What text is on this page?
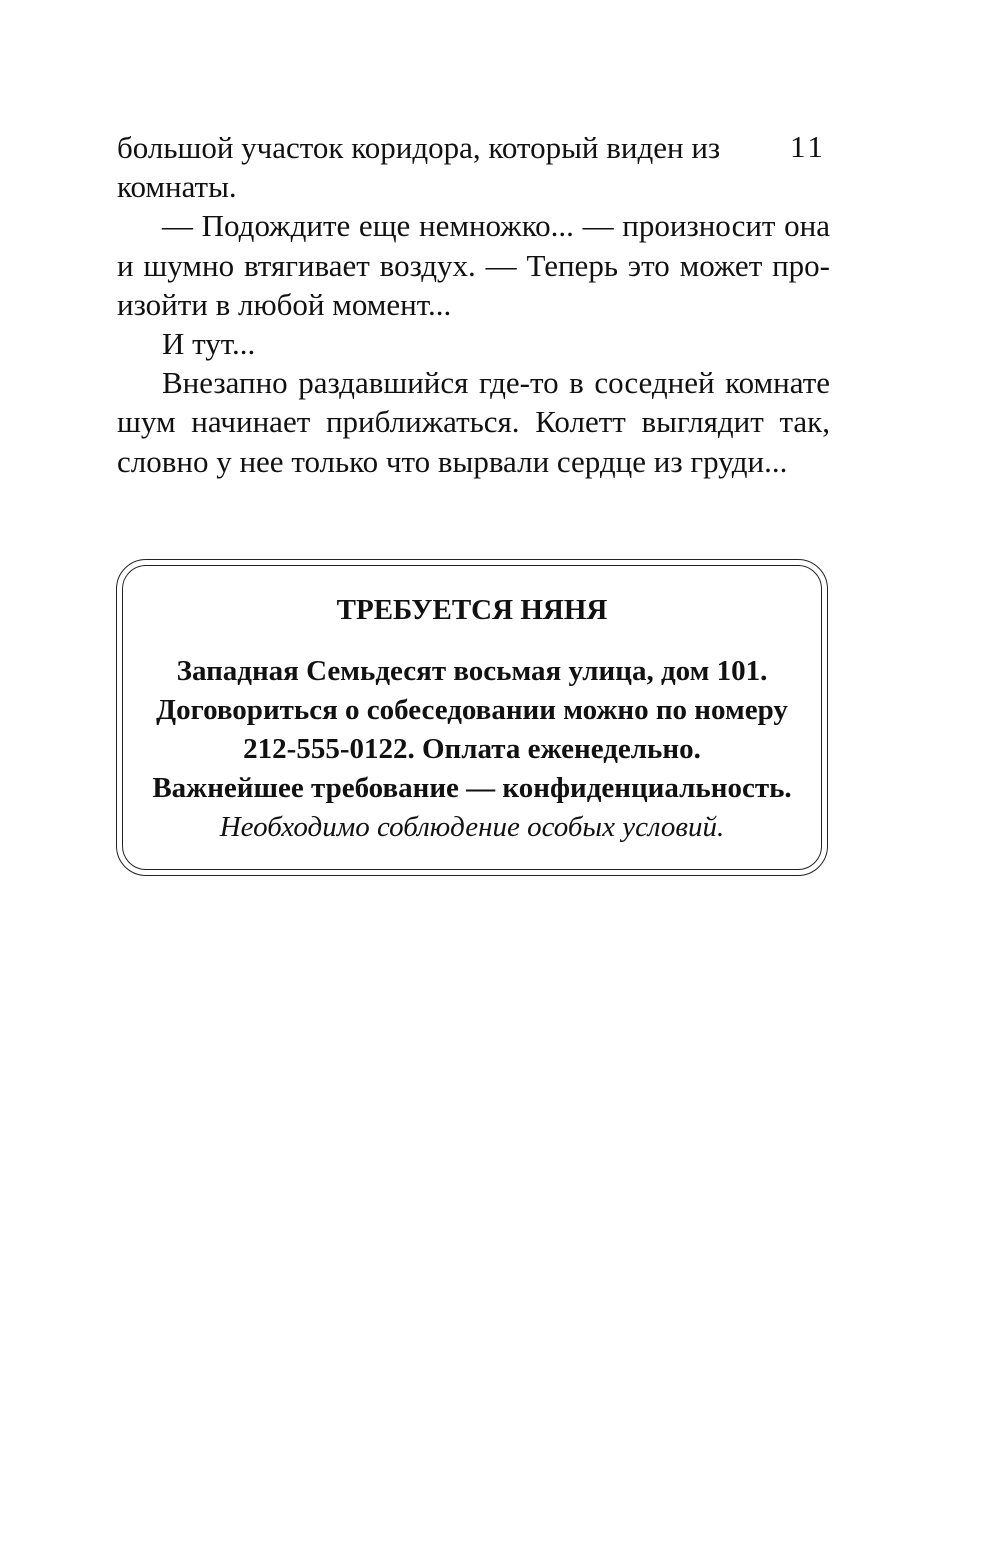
11

большой участок коридора, который виден из комнаты.

— Подождите еще немножко... — произносит она и шумно втягивает воздух. — Теперь это может произойти в любой момент...

И тут...

Внезапно раздавшийся где-то в соседней комнате шум начинает приближаться. Колетт выглядит так, словно у нее только что вырвали сердце из груди...

ТРЕБУЕТСЯ НЯНЯ
Западная Семьдесят восьмая улица, дом 101.
Договориться о собеседовании можно по номеру
212-555-0122. Оплата еженедельно.
Важнейшее требование — конфиденциальность.
Необходимо соблюдение особых условий.
